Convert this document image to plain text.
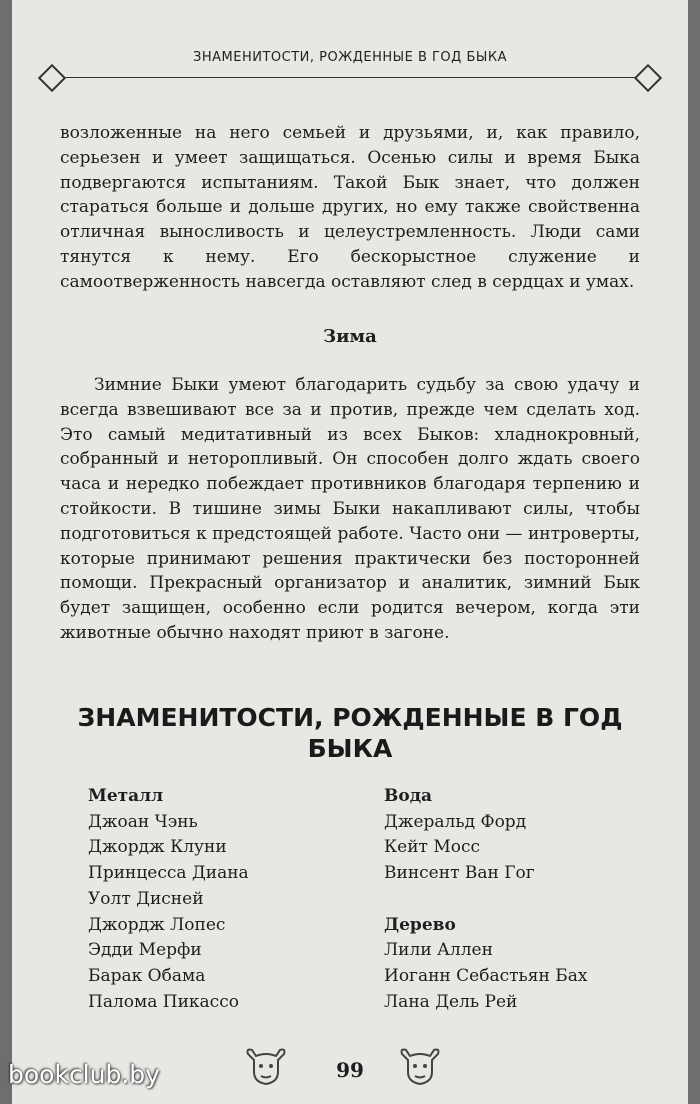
ЗНАМЕНИТОСТИ, РОЖДЕННЫЕ В ГОД БЫКА

возложенные на него семьей и друзьями, и, как правило, серьезен и умеет защищаться. Осенью силы и время Быка подвергаются испытаниям. Такой Бык знает, что должен стараться больше и дольше других, но ему также свойственна отличная выносливость и целеустремленность. Люди сами тянутся к нему. Его бескорыстное служение и самоотверженность навсегда оставляют след в сердцах и умах.

Зима

Зимние Быки умеют благодарить судьбу за свою удачу и всегда взвешивают все за и против, прежде чем сделать ход. Это самый медитативный из всех Быков: хладнокровный, собранный и неторопливый. Он способен долго ждать своего часа и нередко побеждает противников благодаря терпению и стойкости. В тишине зимы Быки накапливают силы, чтобы подготовиться к предстоящей работе. Часто они — интроверты, которые принимают решения практически без посторонней помощи. Прекрасный организатор и аналитик, зимний Бык будет защищен, особенно если родится вечером, когда эти животные обычно находят приют в загоне.

ЗНАМЕНИТОСТИ, РОЖДЕННЫЕ В ГОД БЫКА
Металл
Джоан Чэнь
Джордж Клуни
Принцесса Диана
Уолт Дисней
Джордж Лопес
Эдди Мерфи
Барак Обама
Палома Пикассо
Вода
Джеральд Форд
Кейт Мосс
Винсент Ван Гог
Дерево
Лили Аллен
Иоганн Себастьян Бах
Лана Дель Рей
99
bookclub.by
